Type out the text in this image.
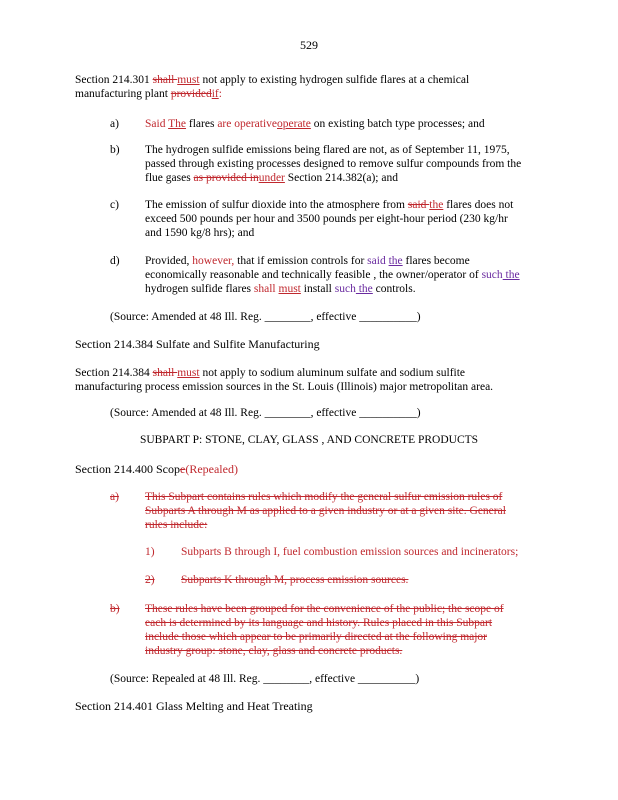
529
Section 214.301 shall must not apply to existing hydrogen sulfide flares at a chemical
manufacturing plant providedif:
a) Said The flares are operativeoperate on existing batch type processes; and
b) The hydrogen sulfide emissions being flared are not, as of September 11, 1975,
passed through existing processes designed to remove sulfur compounds from the
flue gases as provided inunder Section 214.382(a); and
c) The emission of sulfur dioxide into the atmosphere from said the flares does not
exceed 500 pounds per hour and 3500 pounds per eight-hour period (230 kg/hr
and 1590 kg/8 hrs); and
d) Provided, however, that if emission controls for said the flares become
economically reasonable and technically feasible , the owner/operator of such the
hydrogen sulfide flares shall must install such the controls.
(Source: Amended at 48 Ill. Reg. ________, effective __________)
Section 214.384 Sulfate and Sulfite Manufacturing
Section 214.384 shall must not apply to sodium aluminum sulfate and sodium sulfite
manufacturing process emission sources in the St. Louis (Illinois) major metropolitan area.
(Source: Amended at 48 Ill. Reg. ________, effective __________)
SUBPART P: STONE, CLAY, GLASS , AND CONCRETE PRODUCTS
Section 214.400 Scope(Repealed)
a) This Subpart contains rules which modify the general sulfur emission rules of
Subparts A through M as applied to a given industry or at a given site. General
rules include:
1) Subparts B through I, fuel combustion emission sources and incinerators;
2) Subparts K through M, process emission sources.
b) These rules have been grouped for the convenience of the public; the scope of
each is determined by its language and history. Rules placed in this Subpart
include those which appear to be primarily directed at the following major
industry group: stone, clay, glass and concrete products.
(Source: Repealed at 48 Ill. Reg. ________, effective __________)
Section 214.401 Glass Melting and Heat Treating
